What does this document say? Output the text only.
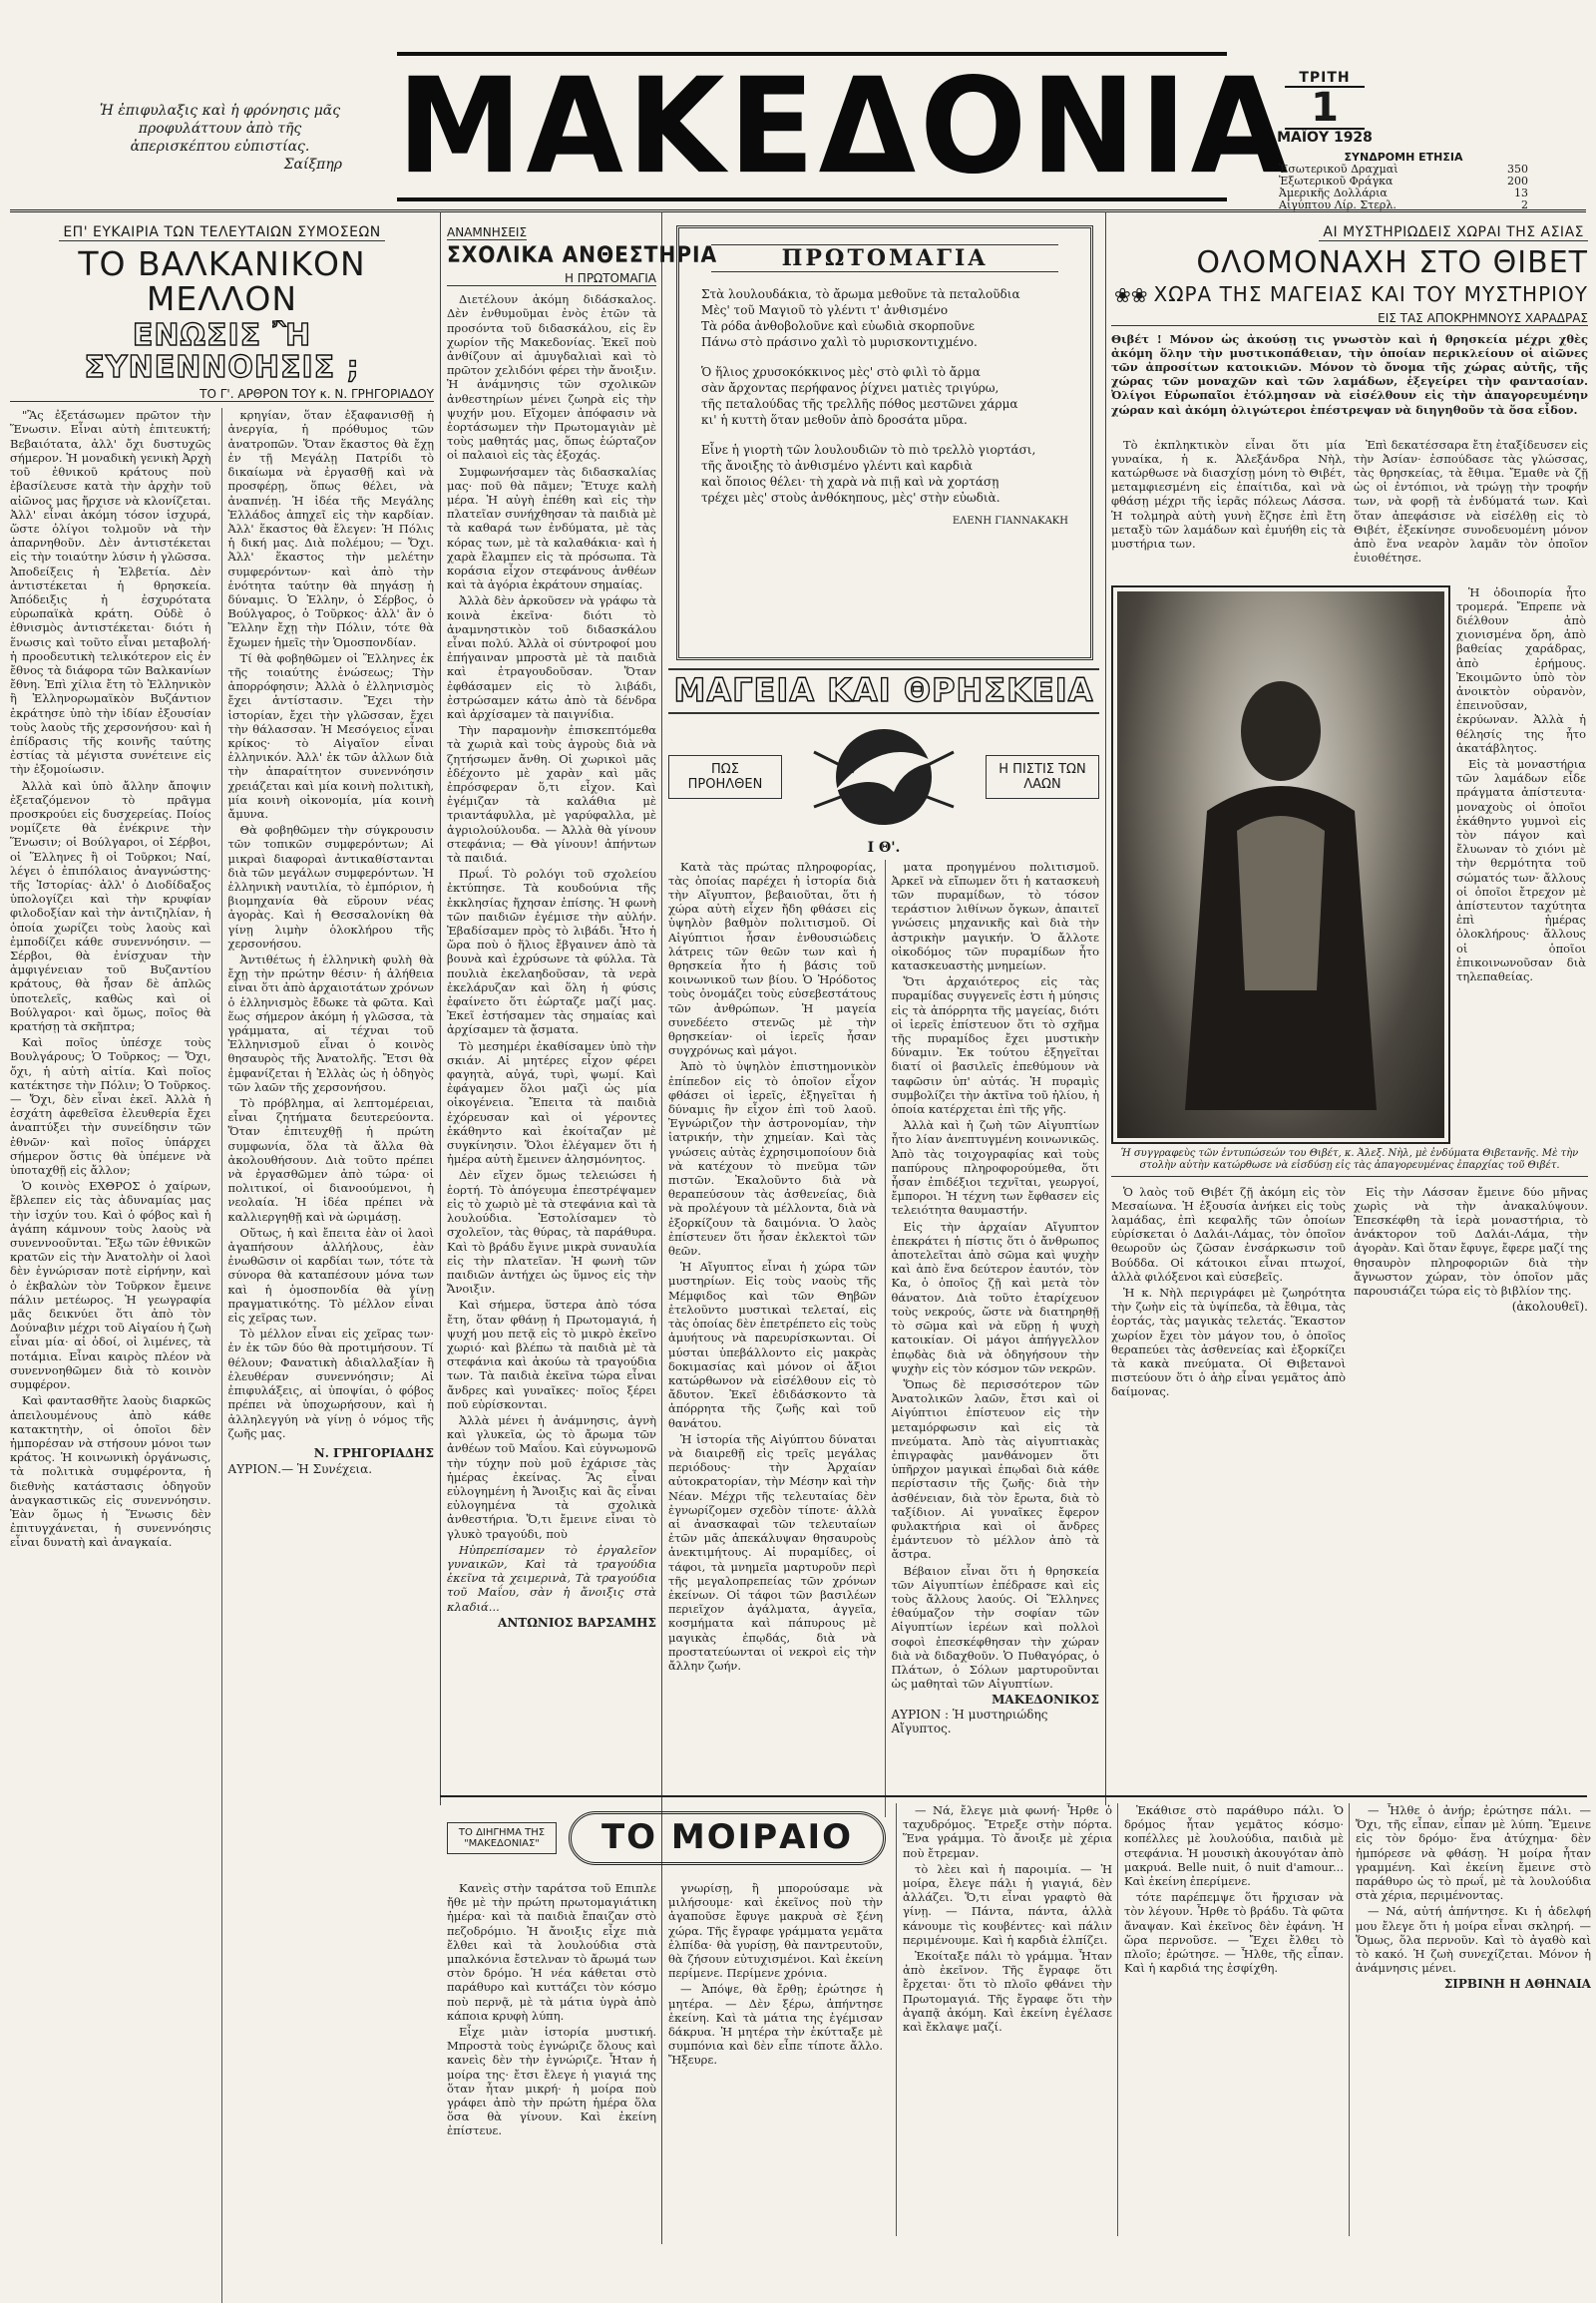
Ἡ ἐπιφυλαξις καὶ ἡ φρόνησις μᾶς προφυλάττουν ἀπὸ τῆς ἀπερισκέπτου εὐπιστίας.
Σαίξπηρ ΜΑΚΕΔΟΝΙΑ ΤΡΙΤΗ
1
ΜΑΪΟΥ 1928
ΣΥΝΔΡΟΜΗ ΕΤΗΣΙΑ
Ἐσωτερικοῦ Δραχμαὶ	350
Ἐξωτερικοῦ Φράγκα	200
Ἀμερικῆς Δολλάρια	13
Αἰγύπτου Λίρ. Στερλ.	2
ΕΠ' ΕΥΚΑΙΡΙΑ ΤΩΝ ΤΕΛΕΥΤΑΙΩΝ ΣΥΜΟΣΕΩΝ
ΤΟ ΒΑΛΚΑΝΙΚΟΝ ΜΕΛΛΟΝ
ΕΝΩΣΙΣ Ἢ ΣΥΝΕΝΝΟΗΣΙΣ ;
ΤΟ Γ'. ΑΡΘΡΟΝ ΤΟΥ κ. Ν. ΓΡΗΓΟΡΙΑΔΟΥ

"Ἂς ἐξετάσωμεν πρῶτον τὴν Ἕνωσιν. Εἶναι αὐτὴ ἐπιτευκτή; Βεβαιότατα, ἀλλ' ὄχι δυστυχῶς σήμερον. Ἡ μοναδικὴ γενικὴ Ἀρχὴ τοῦ ἐθνικοῦ κράτους ποὺ ἐβασίλευσε κατὰ τὴν ἀρχὴν τοῦ αἰῶνος μας ἤρχισε νὰ κλονίζεται. Ἀλλ' εἶναι ἀκόμη τόσον ἰσχυρά, ὥστε ὀλίγοι τολμοῦν νὰ τὴν ἀπαρνηθοῦν. Δὲν ἀντιστέκεται εἰς τὴν τοιαύτην λύσιν ἡ γλῶσσα. Ἀποδείξεις ἡ Ἑλβετία. Δὲν ἀντιστέκεται ἡ θρησκεία. Ἀπόδειξις ἡ ἐσχυρότατα εὐρωπαϊκὰ κράτη. Οὐδὲ ὁ ἐθνισμὸς ἀντιστέκεται· διότι ἡ ἕνωσις καὶ τοῦτο εἶναι μεταβολή· ἡ προοδευτικὴ τελικότερον εἰς ἐν ἔθνος τὰ διάφορα τῶν Βαλκανίων ἔθνη. Ἐπὶ χίλια ἔτη τὸ Ἑλληνικὸν ἢ Ἑλληνορωμαϊκὸν Βυζάντιον ἐκράτησε ὑπὸ τὴν ἰδίαν ἐξουσίαν τοὺς λαοὺς τῆς χερσονήσου· καὶ ἡ ἐπίδρασις τῆς κοινῆς ταύτης ἐστίας τὰ μέγιστα συνέτεινε εἰς τὴν ἐξομοίωσιν.

Ἀλλὰ καὶ ὑπὸ ἄλλην ἄποψιν ἐξεταζόμενον τὸ πρᾶγμα προσκρούει εἰς δυσχερείας. Ποίος νομίζετε θὰ ἐνέκρινε τὴν Ἕνωσιν; οἱ Βούλγαροι, οἱ Σέρβοι, οἱ Ἕλληνες ἢ οἱ Τοῦρκοι; Ναί, λέγει ὁ ἐπιπόλαιος ἀναγνώστης· τῆς Ἱστορίας· ἀλλ' ὁ Διοδίδαξος ὑπολογίζει καὶ τὴν κρυφίαν φιλοδοξίαν καὶ τὴν ἀντιζηλίαν, ἡ ὁποία χωρίζει τοὺς λαοὺς καὶ ἐμποδίζει κάθε συνεννόησιν. — Σέρβοι, θὰ ἐνίσχυαν τὴν ἀμφιγένειαν τοῦ Βυζαντίου κράτους, θὰ ἦσαν δὲ ἀπλῶς ὑποτελεῖς, καθὼς καὶ οἱ Βούλγαροι· καὶ ὅμως, ποῖος θὰ κρατήσῃ τὰ σκῆπτρα;

Καὶ ποῖος ὑπέσχε τοὺς Βουλγάρους; Ὁ Τοῦρκος; — Ὄχι, ὄχι, ἡ αὐτὴ αἰτία. Καὶ ποῖος κατέκτησε τὴν Πόλιν; Ὁ Τοῦρκος. — Ὄχι, δὲν εἶναι ἐκεῖ. Ἀλλὰ ἡ ἐσχάτη ἀφεθεῖσα ἐλευθερία ἔχει ἀναπτύξει τὴν συνείδησιν τῶν ἐθνῶν· καὶ ποῖος ὑπάρχει σήμερον ὅστις θὰ ὑπέμενε νὰ ὑποταχθῇ εἰς ἄλλον;

Ὁ κοινὸς ΕΧΘΡΟΣ ὁ χαίρων, ἔβλεπεν εἰς τὰς ἀδυναμίας μας τὴν ἰσχύν του. Καὶ ὁ φόβος καὶ ἡ ἀγάπη κάμνουν τοὺς λαοὺς νὰ συνεννοοῦνται. Ἔξω τῶν ἐθνικῶν κρατῶν εἰς τὴν Ἀνατολὴν οἱ λαοὶ δὲν ἐγνώρισαν ποτὲ εἰρήνην, καὶ ὁ ἐκβαλὼν τὸν Τοῦρκον ἔμεινε πάλιν μετέωρος. Ἡ γεωγραφία μᾶς δεικνύει ὅτι ἀπὸ τὸν Δούναβιν μέχρι τοῦ Αἰγαίου ἡ ζωὴ εἶναι μία· αἱ ὁδοί, οἱ λιμένες, τὰ ποτάμια. Εἶναι καιρὸς πλέον νὰ συνεννοηθῶμεν διὰ τὸ κοινὸν συμφέρον.

Καὶ φαντασθῆτε λαοὺς διαρκῶς ἀπειλουμένους ἀπὸ κάθε κατακτητὴν, οἱ ὁποῖοι δὲν ἠμπορέσαν νὰ στήσουν μόνοι των κράτος. Ἡ κοινωνικὴ ὀργάνωσις, τὰ πολιτικὰ συμφέροντα, ἡ διεθνὴς κατάστασις ὁδηγοῦν ἀναγκαστικῶς εἰς συνεννόησιν. Ἐὰν ὅμως ἡ Ἕνωσις δὲν ἐπιτυγχάνεται, ἡ συνεννόησις εἶναι δυνατὴ καὶ ἀναγκαία.

κρηγίαν, ὅταν ἐξαφανισθῇ ἡ ἀνεργία, ἡ πρόθυμος τῶν ἀνατροπῶν. Ὅταν ἕκαστος θὰ ἔχῃ ἐν τῇ Μεγάλῃ Πατρίδι τὸ δικαίωμα νὰ ἐργασθῇ καὶ νὰ προσφέρῃ, ὅπως θέλει, νὰ ἀναπνέῃ. Ἡ ἰδέα τῆς Μεγάλης Ἑλλάδος ἀπηχεῖ εἰς τὴν καρδίαν. Ἀλλ' ἕκαστος θὰ ἔλεγεν: Ἡ Πόλις ἡ δική μας. Διὰ πολέμου; — Ὄχι. Ἀλλ' ἕκαστος τὴν μελέτην συμφερόντων· καὶ ἀπὸ τὴν ἑνότητα ταύτην θὰ πηγάσῃ ἡ δύναμις. Ὁ Ἑλλην, ὁ Σέρβος, ὁ Βούλγαρος, ὁ Τοῦρκος· ἀλλ' ἂν ὁ Ἕλλην ἔχῃ τὴν Πόλιν, τότε θὰ ἔχωμεν ἡμεῖς τὴν Ὁμοσπονδίαν.

Τί θὰ φοβηθῶμεν οἱ Ἕλληνες ἐκ τῆς τοιαύτης ἑνώσεως; Τὴν ἀπορρόφησιν; Ἀλλὰ ὁ ἐλληνισμὸς ἔχει ἀντίστασιν. Ἔχει τὴν ἰστορίαν, ἔχει τὴν γλῶσσαν, ἔχει τὴν θάλασσαν. Ἡ Μεσόγειος εἶναι κρίκος· τὸ Αἰγαῖον εἶναι ἑλληνικόν. Ἀλλ' ἐκ τῶν ἀλλων διὰ τὴν ἀπαραίτητον συνεννόησιν χρειάζεται καὶ μία κοινὴ πολιτικὴ, μία κοινὴ οἰκονομία, μία κοινὴ ἄμυνα.

Θὰ φοβηθῶμεν τὴν σύγκρουσιν τῶν τοπικῶν συμφερόντων; Αἱ μικραὶ διαφοραὶ ἀντικαθίστανται διὰ τῶν μεγάλων συμφερόντων. Ἡ ἐλληνικὴ ναυτιλία, τὸ ἐμπόριον, ἡ βιομηχανία θὰ εὕρουν νέας ἀγορὰς. Καὶ ἡ Θεσσαλονίκη θὰ γίνῃ λιμὴν ὁλοκλήρου τῆς χερσονήσου.

Ἀντιθέτως ἡ ἑλληνικὴ φυλὴ θὰ ἔχῃ τὴν πρώτην θέσιν· ἡ ἀλήθεια εἶναι ὅτι ἀπὸ ἀρχαιοτάτων χρόνων ὁ ἑλληνισμὸς ἔδωκε τὰ φῶτα. Καὶ ἕως σήμερον ἀκόμη ἡ γλῶσσα, τὰ γράμματα, αἱ τέχναι τοῦ Ἑλληνισμοῦ εἶναι ὁ κοινὸς θησαυρὸς τῆς Ἀνατολῆς. Ἔτσι θὰ ἐμφανίζεται ἡ Ἑλλὰς ὡς ἡ ὁδηγὸς τῶν λαῶν τῆς χερσονήσου.

Τὸ πρόβλημα, αἱ λεπτομέρειαι, εἶναι ζητήματα δευτερεύοντα. Ὅταν ἐπιτευχθῇ ἡ πρώτη συμφωνία, ὅλα τὰ ἄλλα θὰ ἀκολουθήσουν. Διὰ τοῦτο πρέπει νὰ ἐργασθῶμεν ἀπὸ τώρα· οἱ πολιτικοί, οἱ διανοούμενοι, ἡ νεολαία. Ἡ ἰδέα πρέπει νὰ καλλιεργηθῇ καὶ νὰ ὡριμάσῃ.

Οὕτως, ἡ καὶ ἔπειτα ἐὰν οἱ λαοὶ ἀγαπήσουν ἀλλήλους, ἐὰν ἐνωθῶσιν οἱ καρδίαι των, τότε τὰ σύνορα θὰ καταπέσουν μόνα των καὶ ἡ ὁμοσπονδία θὰ γίνῃ πραγματικότης. Τὸ μέλλον εἶναι εἰς χεῖρας των.

Τὸ μέλλον εἶναι εἰς χεῖρας των· ἐν ἐκ τῶν δύο θὰ προτιμήσουν. Τί θέλουν; Φανατικὴ ἀδιαλλαξίαν ἢ ἐλευθέραν συνεννόησιν; Αἱ ἐπιφυλάξεις, αἱ ὑποψίαι, ὁ φόβος πρέπει νὰ ὑποχωρήσουν, καὶ ἡ ἀλληλεγγύη νὰ γίνῃ ὁ νόμος τῆς ζωῆς μας.

Ν. ΓΡΗΓΟΡΙΑΔΗΣ
ΑΥΡΙΟΝ.— Ἡ Συνέχεια.
ΑΝΑΜΝΗΣΕΙΣ
ΣΧΟΛΙΚΑ ΑΝΘΕΣΤΗΡΙΑ
Η ΠΡΩΤΟΜΑΓΙΑ

Διετέλουν ἀκόμη διδάσκαλος. Δὲν ἐνθυμοῦμαι ἐνὸς ἐτῶν τὰ προσόντα τοῦ διδασκάλου, εἰς ἓν χωρίον τῆς Μακεδονίας. Ἐκεῖ ποὺ ἀνθίζουν αἱ ἀμυγδαλιαὶ καὶ τὸ πρῶτον χελιδόνι φέρει τὴν ἄνοιξιν. Ἡ ἀνάμνησις τῶν σχολικῶν ἀνθεστηρίων μένει ζωηρὰ εἰς τὴν ψυχήν μου. Εἴχομεν ἀπόφασιν νὰ ἑορτάσωμεν τὴν Πρωτομαγιὰν μὲ τοὺς μαθητάς μας, ὅπως ἑώρταζον οἱ παλαιοὶ εἰς τὰς ἑξοχάς.

Συμφωνήσαμεν τὰς διδασκαλίας μας· ποῦ θὰ πᾶμεν; Ἔτυχε καλὴ μέρα. Ἡ αὐγὴ ἐπέθη καὶ εἰς τὴν πλατεῖαν συνήχθησαν τὰ παιδιὰ μὲ τὰ καθαρά των ἐνδύματα, μὲ τὰς κόρας των, μὲ τὰ καλαθάκια· καὶ ἡ χαρὰ ἔλαμπεν εἰς τὰ πρόσωπα. Τὰ κοράσια εἶχον στεφάνους ἀνθέων καὶ τὰ ἀγόρια ἐκράτουν σημαίας.

Ἀλλὰ δὲν ἀρκοῦσεν νὰ γράφω τὰ κοινὰ ἐκεῖνα· διότι τὸ ἀναμνηστικὸν τοῦ διδασκάλου εἶναι πολύ. Ἀλλὰ οἱ σύντροφοί μου ἐπήγαιναν μπροστὰ μὲ τὰ παιδιὰ καὶ ἐτραγουδοῦσαν. Ὅταν ἐφθάσαμεν εἰς τὸ λιβάδι, ἐστρώσαμεν κάτω ἀπὸ τὰ δένδρα καὶ ἀρχίσαμεν τὰ παιγνίδια.

Τὴν παραμονὴν ἐπισκεπτόμεθα τὰ χωριὰ καὶ τοὺς ἀγροὺς διὰ νὰ ζητήσωμεν ἄνθη. Οἱ χωρικοὶ μᾶς ἐδέχοντο μὲ χαρὰν καὶ μᾶς ἐπρόσφεραν ὅ,τι εἶχον. Καὶ ἐγέμιζαν τὰ καλάθια μὲ τριαντάφυλλα, μὲ γαρύφαλλα, μὲ ἀγριολούλουδα. — Ἀλλὰ θὰ γίνουν στεφάνια; — Θὰ γίνουν! ἀπήντων τὰ παιδιά.

Πρωΐ. Τὸ ρολόγι τοῦ σχολείου ἐκτύπησε. Τὰ κουδούνια τῆς ἐκκλησίας ἤχησαν ἐπίσης. Ἡ φωνὴ τῶν παιδιῶν ἐγέμισε τὴν αὐλήν. Ἐβαδίσαμεν πρὸς τὸ λιβάδι. Ἦτο ἡ ὥρα ποὺ ὁ ἥλιος ἔβγαινεν ἀπὸ τὰ βουνὰ καὶ ἐχρύσωνε τὰ φύλλα. Τὰ πουλιὰ ἐκελαηδοῦσαν, τὰ νερὰ ἐκελάρυζαν καὶ ὅλη ἡ φύσις ἐφαίνετο ὅτι ἑώρταζε μαζί μας. Ἐκεῖ ἐστήσαμεν τὰς σημαίας καὶ ἀρχίσαμεν τὰ ᾄσματα.

Τὸ μεσημέρι ἐκαθίσαμεν ὑπὸ τὴν σκιάν. Αἱ μητέρες εἶχον φέρει φαγητὰ, αὐγά, τυρὶ, ψωμί. Καὶ ἐφάγαμεν ὅλοι μαζὶ ὡς μία οἰκογένεια. Ἔπειτα τὰ παιδιὰ ἐχόρευσαν καὶ οἱ γέροντες ἐκάθηντο καὶ ἐκοίταζαν μὲ συγκίνησιν. Ὅλοι ἐλέγαμεν ὅτι ἡ ἡμέρα αὐτὴ ἔμεινεν ἀλησμόνητος.

Δὲν εἴχεν ὅμως τελειώσει ἡ ἑορτή. Τὸ ἀπόγευμα ἐπεστρέψαμεν εἰς τὸ χωριὸ μὲ τὰ στεφάνια καὶ τὰ λουλούδια. Ἐστολίσαμεν τὸ σχολεῖον, τὰς θύρας, τὰ παράθυρα. Καὶ τὸ βράδυ ἔγινε μικρὰ συναυλία εἰς τὴν πλατεῖαν. Ἡ φωνὴ τῶν παιδιῶν ἀντήχει ὡς ὕμνος εἰς τὴν Ἄνοιξιν.

Καὶ σήμερα, ὕστερα ἀπὸ τόσα ἔτη, ὅταν φθάνῃ ἡ Πρωτομαγιά, ἡ ψυχή μου πετᾷ εἰς τὸ μικρὸ ἐκεῖνο χωριό· καὶ βλέπω τὰ παιδιὰ μὲ τὰ στεφάνια καὶ ἀκούω τὰ τραγούδια των. Τὰ παιδιὰ ἐκεῖνα τώρα εἶναι ἄνδρες καὶ γυναῖκες· ποῖος ξέρει ποῦ εὑρίσκονται.

Ἀλλὰ μένει ἡ ἀνάμνησις, ἀγνὴ καὶ γλυκεῖα, ὡς τὸ ἄρωμα τῶν ἀνθέων τοῦ Μαΐου. Καὶ εὐγνωμονῶ τὴν τύχην ποὺ μοῦ ἐχάρισε τὰς ἡμέρας ἐκείνας. Ἂς εἶναι εὐλογημένη ἡ Ἄνοιξις καὶ ἂς εἶναι εὐλογημένα τὰ σχολικὰ ἀνθεστήρια. Ὅ,τι ἔμεινε εἶναι τὸ γλυκὸ τραγούδι, ποὺ

Ηὐπρεπίσαμεν τὸ ἐργαλεῖον γυναικῶν, Καὶ τὰ τραγούδια ἐκεῖνα τὰ χειμερινὰ, Τὰ τραγούδια τοῦ Μαΐου, σὰν ἡ ἄνοιξις στὰ κλαδιά...

ΑΝΤΩΝΙΟΣ ΒΑΡΣΑΜΗΣ
ΠΡΩΤΟΜΑΓΙΑ
Στὰ λουλουδάκια, τὸ ἄρωμα μεθοῦνε τὰ πεταλοῦδια
Μὲς' τοῦ Μαγιοῦ τὸ γλέντι τ' ἀνθισμένο
Τὰ ρόδα ἀνθοβολοῦνε καὶ εὐωδιὰ σκορποῦνε
Πάνω στὸ πράσινο χαλὶ τὸ μυρισκοντιχμένο.
Ὁ ἥλιος χρυσοκόκκινος μὲς' στὸ φιλὶ τὸ ἄρμα
σὰν ἄρχοντας περήφανος ῥίχνει ματιὲς τριγύρω,
τῆς πεταλούδας τῆς τρελλῆς πόθος μεστῶνει χάρμα
κι' ἡ κυττὴ ὅταν μεθοῦν ἀπὸ δροσάτα μῦρα.
Εἶνε ἡ γιορτὴ τῶν λουλουδιῶν τὸ πιὸ τρελλὸ γιορτάσι,
τῆς ἄνοιξης τὸ ἀνθισμένο γλέντι καὶ καρδιὰ
καὶ ὅποιος θέλει· τὴ χαρὰ νὰ πιῇ καὶ νὰ χορτάσῃ
τρέχει μὲς' στοὺς ἀνθόκηπους, μὲς' στὴν εὐωδιὰ.
ΕΛΕΝΗ ΓΙΑΝΝΑΚΑΚΗ
ΜΑΓΕΙΑ ΚΑΙ ΘΡΗΣΚΕΙΑ
ΠΩΣ ΠΡΟΗΛΘΕΝ
Η ΠΙΣΤΙΣ ΤΩΝ ΛΑΩΝ
Ι Θ'.

Κατὰ τὰς πρώτας πληροφορίας, τὰς ὁποίας παρέχει ἡ ἱστορία διὰ τὴν Αἴγυπτον, βεβαιοῦται, ὅτι ἡ χώρα αὐτὴ εἶχεν ἤδη φθάσει εἰς ὑψηλὸν βαθμὸν πολιτισμοῦ. Οἱ Αἰγύπτιοι ἦσαν ἐνθουσιώδεις λάτρεις τῶν θεῶν των καὶ ἡ θρησκεία ἦτο ἡ βάσις τοῦ κοινωνικοῦ των βίου. Ὁ Ἡρόδοτος τοὺς ὀνομάζει τοὺς εὐσεβεστάτους τῶν ἀνθρώπων. Ἡ μαγεία συνεδέετο στενῶς μὲ τὴν θρησκείαν· οἱ ἱερεῖς ἦσαν συγχρόνως καὶ μάγοι.

Ἀπὸ τὸ ὑψηλὸν ἐπιστημονικὸν ἐπίπεδον εἰς τὸ ὁποῖον εἶχον φθάσει οἱ ἱερεῖς, ἐξηγεῖται ἡ δύναμις ἣν εἶχον ἐπὶ τοῦ λαοῦ. Ἐγνώριζον τὴν ἀστρονομίαν, τὴν ἰατρικήν, τὴν χημείαν. Καὶ τὰς γνώσεις αὐτὰς ἐχρησιμοποίουν διὰ νὰ κατέχουν τὸ πνεῦμα τῶν πιστῶν. Ἐκαλοῦντο διὰ νὰ θεραπεύσουν τὰς ἀσθενείας, διὰ νὰ προλέγουν τὰ μέλλοντα, διὰ νὰ ἐξορκίζουν τὰ δαιμόνια. Ὁ λαὸς ἐπίστευεν ὅτι ἦσαν ἐκλεκτοὶ τῶν θεῶν.

Ἡ Αἴγυπτος εἶναι ἡ χώρα τῶν μυστηρίων. Εἰς τοὺς ναοὺς τῆς Μέμφιδος καὶ τῶν Θηβῶν ἐτελοῦντο μυστικαὶ τελεταί, εἰς τὰς ὁποίας δὲν ἐπετρέπετο εἰς τοὺς ἀμυήτους νὰ παρευρίσκωνται. Οἱ μύσται ὑπεβάλλοντο εἰς μακρὰς δοκιμασίας καὶ μόνον οἱ ἄξιοι κατώρθωνον νὰ εἰσέλθουν εἰς τὸ ἄδυτον. Ἐκεῖ ἐδιδάσκοντο τὰ ἀπόρρητα τῆς ζωῆς καὶ τοῦ θανάτου.

Ἡ ἱστορία τῆς Αἰγύπτου δύναται νὰ διαιρεθῇ εἰς τρεῖς μεγάλας περιόδους· τὴν Ἀρχαίαν αὐτοκρατορίαν, τὴν Μέσην καὶ τὴν Νέαν. Μέχρι τῆς τελευταίας δὲν ἐγνωρίζομεν σχεδὸν τίποτε· ἀλλὰ αἱ ἀνασκαφαὶ τῶν τελευταίων ἐτῶν μᾶς ἀπεκάλυψαν θησαυροὺς ἀνεκτιμήτους. Αἱ πυραμίδες, οἱ τάφοι, τὰ μνημεῖα μαρτυροῦν περὶ τῆς μεγαλοπρεπείας τῶν χρόνων ἐκείνων. Οἱ τάφοι τῶν βασιλέων περιεῖχον ἀγάλματα, ἀγγεῖα, κοσμήματα καὶ πάπυρους μὲ μαγικὰς ἐπῳδάς, διὰ νὰ προστατεύωνται οἱ νεκροὶ εἰς τὴν ἄλλην ζωήν.

ματα προηγμένου πολιτισμοῦ. Ἀρκεῖ νὰ εἴπωμεν ὅτι ἡ κατασκευὴ τῶν πυραμίδων, τὸ τόσον τεράστιον λιθίνων ὄγκων, ἀπαιτεῖ γνώσεις μηχανικῆς καὶ διὰ τὴν ἀστρικὴν μαγικήν. Ὁ ἄλλοτε οἰκοδόμος τῶν πυραμίδων ἦτο κατασκευαστὴς μνημείων.

Ὅτι ἀρχαιότερος εἰς τὰς πυραμίδας συγγενεῖς ἐστι ἡ μύησις εἰς τὰ ἀπόρρητα τῆς μαγείας, διότι οἱ ἱερεῖς ἐπίστευον ὅτι τὸ σχῆμα τῆς πυραμίδος ἔχει μυστικὴν δύναμιν. Ἐκ τούτου ἐξηγεῖται διατί οἱ βασιλεῖς ἐπεθύμουν νὰ ταφῶσιν ὑπ' αὐτάς. Ἡ πυραμὶς συμβολίζει τὴν ἀκτῖνα τοῦ ἡλίου, ἡ ὁποία κατέρχεται ἐπὶ τῆς γῆς.

Ἀλλὰ καὶ ἡ ζωὴ τῶν Αἰγυπτίων ἦτο λίαν ἀνεπτυγμένη κοινωνικῶς. Ἀπὸ τὰς τοιχογραφίας καὶ τοὺς παπύρους πληροφορούμεθα, ὅτι ἦσαν ἐπιδέξιοι τεχνῖται, γεωργοί, ἔμποροι. Ἡ τέχνη των ἔφθασεν εἰς τελειότητα θαυμαστήν.

Εἰς τὴν ἀρχαίαν Αἴγυπτον ἐπεκράτει ἡ πίστις ὅτι ὁ ἄνθρωπος ἀποτελεῖται ἀπὸ σῶμα καὶ ψυχὴν καὶ ἀπὸ ἕνα δεύτερον ἑαυτόν, τὸν Κα, ὁ ὁποῖος ζῇ καὶ μετὰ τὸν θάνατον. Διὰ τοῦτο ἐταρίχευον τοὺς νεκρούς, ὥστε νὰ διατηρηθῇ τὸ σῶμα καὶ νὰ εὕρῃ ἡ ψυχὴ κατοικίαν. Οἱ μάγοι ἀπήγγελλον ἐπῳδὰς διὰ νὰ ὁδηγήσουν τὴν ψυχὴν εἰς τὸν κόσμον τῶν νεκρῶν.

Ὅπως δὲ περισσότερον τῶν Ἀνατολικῶν λαῶν, ἔτσι καὶ οἱ Αἰγύπτιοι ἐπίστευον εἰς τὴν μεταμόρφωσιν καὶ εἰς τὰ πνεύματα. Ἀπὸ τὰς αἰγυπτιακὰς ἐπιγραφὰς μανθάνομεν ὅτι ὑπῆρχον μαγικαὶ ἐπῳδαὶ διὰ κάθε περίστασιν τῆς ζωῆς· διὰ τὴν ἀσθένειαν, διὰ τὸν ἔρωτα, διὰ τὸ ταξίδιον. Αἱ γυναῖκες ἔφερον φυλακτήρια καὶ οἱ ἄνδρες ἐμάντευον τὸ μέλλον ἀπὸ τὰ ἄστρα.

Βέβαιον εἶναι ὅτι ἡ θρησκεία τῶν Αἰγυπτίων ἐπέδρασε καὶ εἰς τοὺς ἄλλους λαούς. Οἱ Ἕλληνες ἐθαύμαζον τὴν σοφίαν τῶν Αἰγυπτίων ἱερέων καὶ πολλοὶ σοφοὶ ἐπεσκέφθησαν τὴν χώραν διὰ νὰ διδαχθοῦν. Ὁ Πυθαγόρας, ὁ Πλάτων, ὁ Σόλων μαρτυροῦνται ὡς μαθηταὶ τῶν Αἰγυπτίων.

ΜΑΚΕΔΟΝΙΚΟΣ
ΑΥΡΙΟΝ : Ἡ μυστηριώδης Αἴγυπτος.
ΑΙ ΜΥΣΤΗΡΙΩΔΕΙΣ ΧΩΡΑΙ ΤΗΣ ΑΣΙΑΣ
ΟΛΟΜΟΝΑΧΗ ΣΤΟ ΘΙΒΕΤ
❀❀ ΧΩΡΑ ΤΗΣ ΜΑΓΕΙΑΣ ΚΑΙ ΤΟΥ ΜΥΣΤΗΡΙΟΥ
ΕΙΣ ΤΑΣ ΑΠΟΚΡΗΜΝΟΥΣ ΧΑΡΑΔΡΑΣ
Θιβέτ ! Μόνον ὡς ἀκούσῃ τις γνωστὸν καὶ ἡ θρησκεία μέχρι χθὲς ἀκόμη ὅλην τὴν μυστικοπάθειαν, τὴν ὁποίαν περικλείουν οἱ αἰῶνες τῶν ἀπροσίτων κατοικιῶν. Μόνον τὸ ὄνομα τῆς χώρας αὐτῆς, τῆς χώρας τῶν μοναχῶν καὶ τῶν λαμάδων, ἐξεγείρει τὴν φαντασίαν. Ὀλίγοι Εὐρωπαῖοι ἐτόλμησαν νὰ εἰσέλθουν εἰς τὴν ἀπαγορευμένην χώραν καὶ ἀκόμη ὀλιγώτεροι ἐπέστρεψαν νὰ διηγηθοῦν τὰ ὅσα εἶδον.

Τὸ ἐκπληκτικὸν εἶναι ὅτι μία γυναίκα, ἡ κ. Ἀλεξάνδρα Νὴλ, κατώρθωσε νὰ διασχίσῃ μόνη τὸ Θιβέτ, μεταμφιεσμένη εἰς ἐπαίτιδα, καὶ νὰ φθάσῃ μέχρι τῆς ἱερᾶς πόλεως Λάσσα. Ἡ τολμηρὰ αὐτὴ γυνὴ ἔζησε ἐπὶ ἔτη μεταξὺ τῶν λαμάδων καὶ ἐμυήθη εἰς τὰ μυστήρια των.

Ἐπὶ δεκατέσσαρα ἔτη ἐταξίδευσεν εἰς τὴν Ἀσίαν· ἐσπούδασε τὰς γλώσσας, τὰς θρησκείας, τὰ ἔθιμα. Ἔμαθε νὰ ζῇ ὡς οἱ ἐντόπιοι, νὰ τρώγῃ τὴν τροφήν των, νὰ φορῇ τὰ ἐνδύματά των. Καὶ ὅταν ἀπεφάσισε νὰ εἰσέλθῃ εἰς τὸ Θιβέτ, ἐξεκίνησε συνοδευομένη μόνον ἀπὸ ἕνα νεαρὸν λαμᾶν τὸν ὁποῖον ἐυιοθέτησε.

Ἡ ὁδοιπορία ἦτο τρομερά. Ἔπρεπε νὰ διέλθουν ἀπὸ χιονισμένα ὄρη, ἀπὸ βαθείας χαράδρας, ἀπὸ ἐρήμους. Ἐκοιμῶντο ὑπὸ τὸν ἀνοικτὸν οὐρανὸν, ἐπεινοῦσαν, ἐκρύωναν. Ἀλλὰ ἡ θέλησίς της ἦτο ἀκατάβλητος.

Εἰς τὰ μοναστήρια τῶν λαμάδων εἶδε πράγματα ἀπίστευτα· μοναχοὺς οἱ ὁποῖοι ἐκάθηντο γυμνοὶ εἰς τὸν πάγον καὶ ἔλυωναν τὸ χιόνι μὲ τὴν θερμότητα τοῦ σώματός των· ἄλλους οἱ ὁποῖοι ἔτρεχον μὲ ἀπίστευτον ταχύτητα ἐπὶ ἡμέρας ὁλοκλήρους· ἄλλους οἱ ὁποῖοι ἐπικοινωνοῦσαν διὰ τηλεπαθείας.

Ἡ συγγραφεὺς τῶν ἐντυπώσεών του Θιβέτ, κ. Ἀλεξ. Νὴλ, μὲ ἐνδύματα Θιβετανῆς. Μὲ τὴν στολὴν αὐτὴν κατώρθωσε νὰ εἰσδύσῃ εἰς τὰς ἀπαγορευμένας ἐπαρχίας τοῦ Θιβέτ.

Ὁ λαὸς τοῦ Θιβέτ ζῇ ἀκόμη εἰς τὸν Μεσαίωνα. Ἡ ἐξουσία ἀνήκει εἰς τοὺς λαμάδας, ἐπὶ κεφαλῆς τῶν ὁποίων εὑρίσκεται ὁ Δαλάι-Λάμας, τὸν ὁποῖον θεωροῦν ὡς ζῶσαν ἐνσάρκωσιν τοῦ Βούδδα. Οἱ κάτοικοι εἶναι πτωχοί, ἀλλὰ φιλόξενοι καὶ εὐσεβεῖς.

Ἡ κ. Νὴλ περιγράφει μὲ ζωηρότητα τὴν ζωὴν εἰς τὰ ὑψίπεδα, τὰ ἔθιμα, τὰς ἑορτάς, τὰς μαγικὰς τελετάς. Ἕκαστον χωρίον ἔχει τὸν μάγον του, ὁ ὁποῖος θεραπεύει τὰς ἀσθενείας καὶ ἐξορκίζει τὰ κακὰ πνεύματα. Οἱ Θιβετανοὶ πιστεύουν ὅτι ὁ ἀὴρ εἶναι γεμᾶτος ἀπὸ δαίμονας.

Εἰς τὴν Λάσσαν ἔμεινε δύο μῆνας χωρὶς νὰ τὴν ἀνακαλύψουν. Ἐπεσκέφθη τὰ ἱερὰ μοναστήρια, τὸ ἀνάκτορον τοῦ Δαλάι-Λάμα, τὴν ἀγορὰν. Καὶ ὅταν ἔφυγε, ἔφερε μαζί της θησαυρὸν πληροφοριῶν διὰ τὴν ἄγνωστον χώραν, τὸν ὁποῖον μᾶς παρουσιάζει τώρα εἰς τὸ βιβλίον της.

(ἀκολουθεῖ).
ΤΟ ΔΙΗΓΗΜΑ ΤΗΣ "ΜΑΚΕΔΟΝΙΑΣ"	ΤΟ ΜΟΙΡΑΙΟ

Κανεὶς στὴν ταράτσα τοῦ Επιπλε ἤθε μὲ τὴν πρώτη πρωτομαγιάτικη ἡμέρα· καὶ τὰ παιδιὰ ἔπαιζαν στὸ πεζοδρόμιο. Ἡ ἄνοιξις εἶχε πιὰ ἔλθει καὶ τὰ λουλούδια στὰ μπαλκόνια ἔστελναν τὸ ἄρωμά των στὸν δρόμο. Ἡ νέα κάθεται στὸ παράθυρο καὶ κυττάζει τὸν κόσμο ποὺ περνᾷ, μὲ τὰ μάτια ὑγρὰ ἀπὸ κάποια κρυφὴ λύπη.

Εἶχε μιὰν ἱστορία μυστική. Μπροστὰ τοὺς ἐγνώριζε ὅλους καὶ κανεὶς δὲν τὴν ἐγνώριζε. Ἦταν ἡ μοίρα της· ἔτσι ἔλεγε ἡ γιαγιά της ὅταν ἦταν μικρή· ἡ μοίρα ποὺ γράφει ἀπὸ τὴν πρώτη ἡμέρα ὅλα ὅσα θὰ γίνουν. Καὶ ἐκείνη ἐπίστευε.

γνωρίσῃ, ἢ μπορούσαμε νὰ μιλήσουμε· καὶ ἐκεῖνος ποὺ τὴν ἀγαποῦσε ἔφυγε μακρυὰ σὲ ξένη χώρα. Τῆς ἔγραφε γράμματα γεμᾶτα ἐλπίδα· θὰ γυρίσῃ, θὰ παντρευτοῦν, θὰ ζήσουν εὐτυχισμένοι. Καὶ ἐκείνη περίμενε. Περίμενε χρόνια.

— Ἀπόψε, θὰ ἔρθῃ; ἐρώτησε ἡ μητέρα. — Δὲν ξέρω, ἀπήντησε ἐκείνη. Καὶ τὰ μάτια της ἐγέμισαν δάκρυα. Ἡ μητέρα τὴν ἐκύτταξε μὲ συμπόνια καὶ δὲν εἶπε τίποτε ἄλλο. Ἤξευρε.

— Νά, ἔλεγε μιὰ φωνή· Ἦρθε ὁ ταχυδρόμος. Ἔτρεξε στὴν πόρτα. Ἕνα γράμμα. Τὸ ἄνοιξε μὲ χέρια ποὺ ἔτρεμαν.

τὸ λὲει καὶ ἡ παροιμία. — Ἡ μοίρα, ἔλεγε πάλι ἡ γιαγιά, δὲν ἀλλάζει. Ὅ,τι εἶναι γραφτὸ θὰ γίνῃ. — Πάντα, πάντα, ἀλλὰ κάνουμε τὶς κουβέντες· καὶ πάλιν περιμένουμε. Καὶ ἡ καρδιὰ ἐλπίζει.

Ἐκοίταξε πάλι τὸ γράμμα. Ἦταν ἀπὸ ἐκεῖνον. Τῆς ἔγραφε ὅτι ἔρχεται· ὅτι τὸ πλοῖο φθάνει τὴν Πρωτομαγιά. Τῆς ἔγραφε ὅτι τὴν ἀγαπᾷ ἀκόμη. Καὶ ἐκείνη ἐγέλασε καὶ ἔκλαψε μαζί.

Ἐκάθισε στὸ παράθυρο πάλι. Ὁ δρόμος ἦταν γεμᾶτος κόσμο· κοπέλλες μὲ λουλούδια, παιδιὰ μὲ στεφάνια. Ἡ μουσικὴ ἀκουγόταν ἀπὸ μακρυά. Belle nuit, ô nuit d'amour... Καὶ ἐκείνη ἐπερίμενε.

τότε παρέπεμψε ὅτι ἤρχισαν νὰ τὸν λέγουν. Ἦρθε τὸ βράδυ. Τὰ φῶτα ἄναψαν. Καὶ ἐκεῖνος δὲν ἐφάνη. Ἡ ὥρα περνοῦσε. — Ἔχει ἔλθει τὸ πλοῖο; ἐρώτησε. — Ἦλθε, τῆς εἶπαν. Καὶ ἡ καρδιά της ἐσφίχθη.

— Ἦλθε ὁ ἀνήρ; ἐρώτησε πάλι. — Ὄχι, τῆς εἶπαν, εἶπαν μὲ λύπη. Ἔμεινε εἰς τὸν δρόμο· ἕνα ἀτύχημα· δὲν ἠμπόρεσε νὰ φθάσῃ. Ἡ μοίρα ἦταν γραμμένη. Καὶ ἐκείνη ἔμεινε στὸ παράθυρο ὡς τὸ πρωΐ, μὲ τὰ λουλούδια στὰ χέρια, περιμένοντας.

— Νά, αὐτή ἀπήντησε. Κι ἡ ἀδελφή μου ἔλεγε ὅτι ἡ μοίρα εἶναι σκληρή. — Ὅμως, ὅλα περνοῦν. Καὶ τὸ ἀγαθὸ καὶ τὸ κακό. Ἡ ζωὴ συνεχίζεται. Μόνον ἡ ἀνάμνησις μένει.

ΣΙΡΒΙΝΗ Η ΑΘΗΝΑΙΑ
